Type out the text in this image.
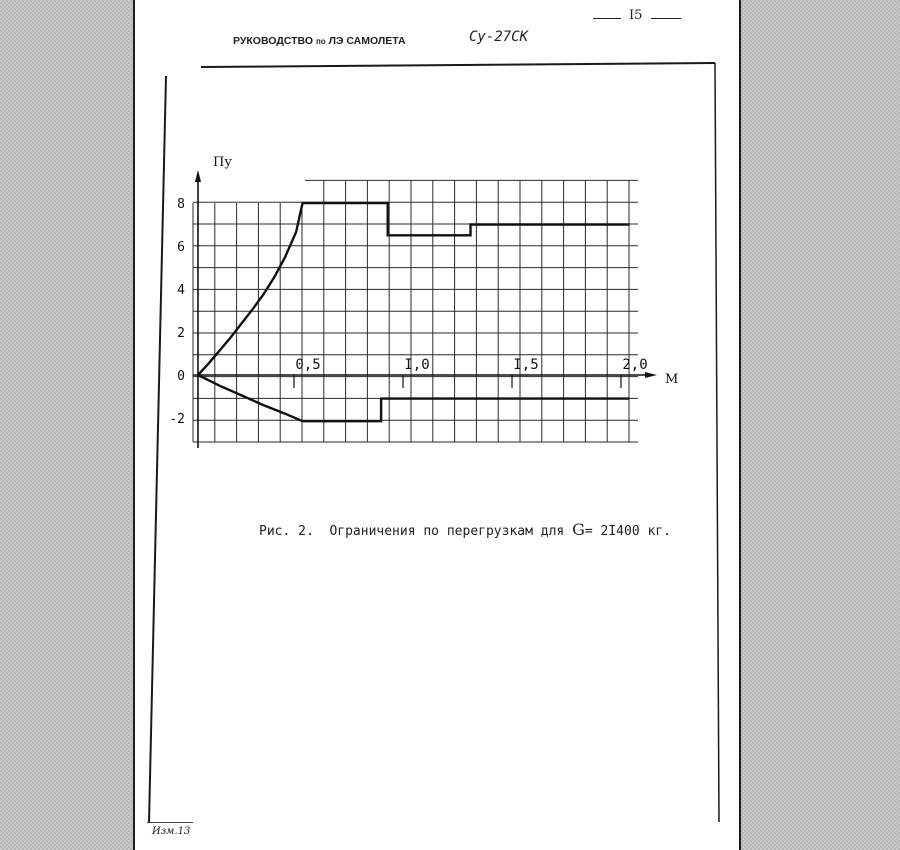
I5
РУКОВОДСТВО по ЛЭ САМОЛЕТА	Су-27СК
Пу
М
8
6
4
2
0
-2
0,5	I,0	I,5	2,0
Рис. 2.  Ограничения по перегрузкам для G= 2I400 кг.
Изм.13
